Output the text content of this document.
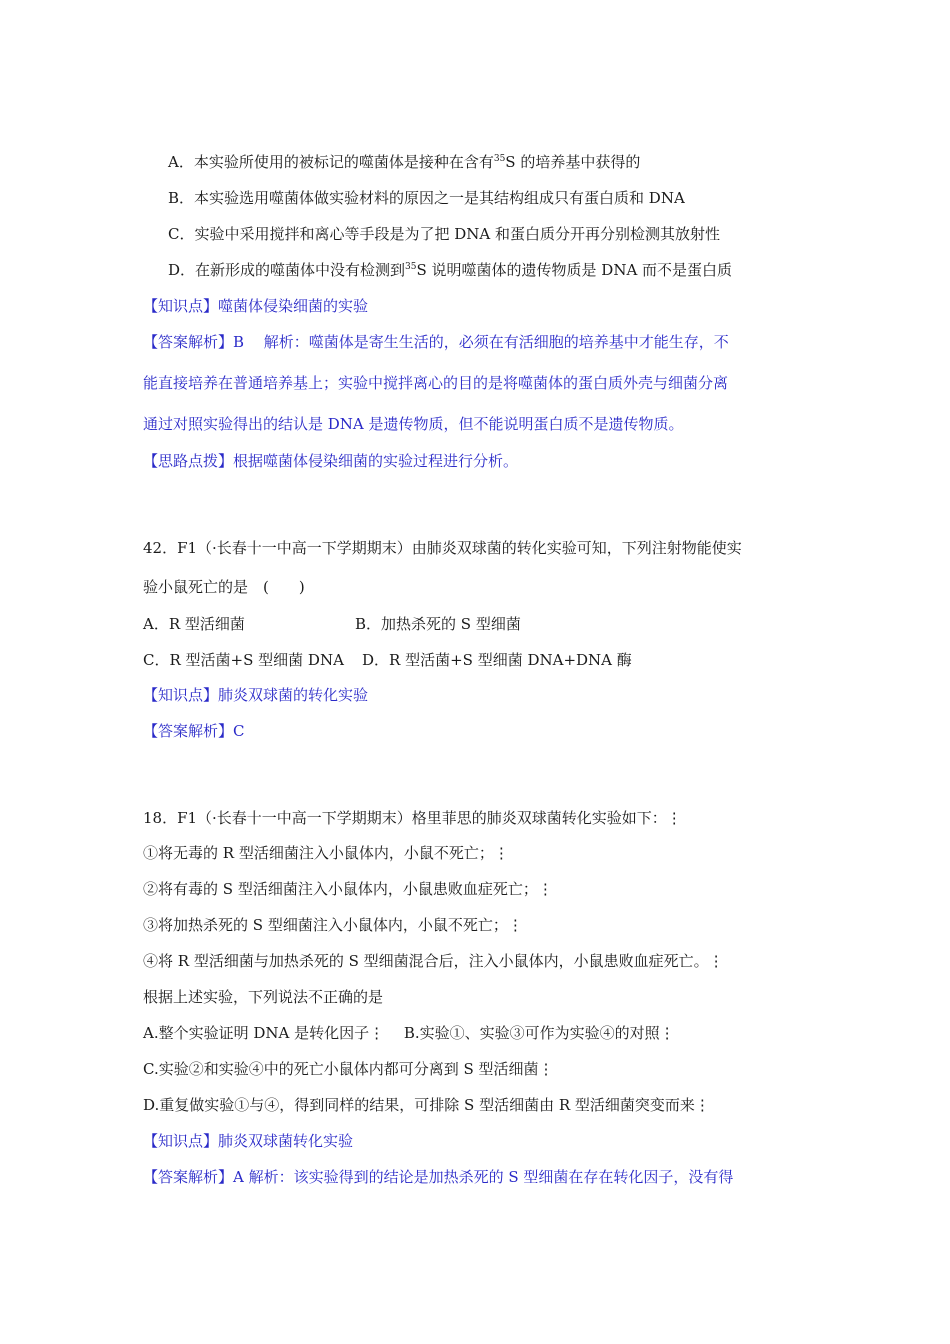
A．本实验所使用的被标记的噬菌体是接种在含有$^{35}$S 的培养基中获得的
B．本实验选用噬菌体做实验材料的原因之一是其结构组成只有蛋白质和 DNA
C．实验中采用搅拌和离心等手段是为了把 DNA 和蛋白质分开再分别检测其放射性
D．在新形成的噬菌体中没有检测到$^{35}$S 说明噬菌体的遗传物质是 DNA 而不是蛋白质
【知识点】噬菌体侵染细菌的实验
【答案解析】B　 解析：噬菌体是寄生生活的，必须在有活细胞的培养基中才能生存，不
能直接培养在普通培养基上；实验中搅拌离心的目的是将噬菌体的蛋白质外壳与细菌分离
通过对照实验得出的结认是 DNA 是遗传物质，但不能说明蛋白质不是遗传物质。
【思路点拨】根据噬菌体侵染细菌的实验过程进行分析。
42．F1（·长春十一中高一下学期期末）由肺炎双球菌的转化实验可知，下列注射物能使实
验小鼠死亡的是　(　　)
A．R 型活细菌	B．加热杀死的 S 型细菌
C．R 型活菌+S 型细菌 DNA D．R 型活菌+S 型细菌 DNA+DNA 酶
【知识点】肺炎双球菌的转化实验
【答案解析】C
18．F1（·长春十一中高一下学期期末）格里菲思的肺炎双球菌转化实验如下：⋮
①将无毒的 R 型活细菌注入小鼠体内，小鼠不死亡；⋮
②将有毒的 S 型活细菌注入小鼠体内，小鼠患败血症死亡；⋮
③将加热杀死的 S 型细菌注入小鼠体内，小鼠不死亡；⋮
④将 R 型活细菌与加热杀死的 S 型细菌混合后，注入小鼠体内，小鼠患败血症死亡。⋮
根据上述实验，下列说法不正确的是
A.整个实验证明 DNA 是转化因子⋮　 B.实验①、实验③可作为实验④的对照⋮
C.实验②和实验④中的死亡小鼠体内都可分离到 S 型活细菌⋮
D.重复做实验①与④，得到同样的结果，可排除 S 型活细菌由 R 型活细菌突变而来⋮
【知识点】肺炎双球菌转化实验
【答案解析】A 解析：该实验得到的结论是加热杀死的 S 型细菌在存在转化因子，没有得
